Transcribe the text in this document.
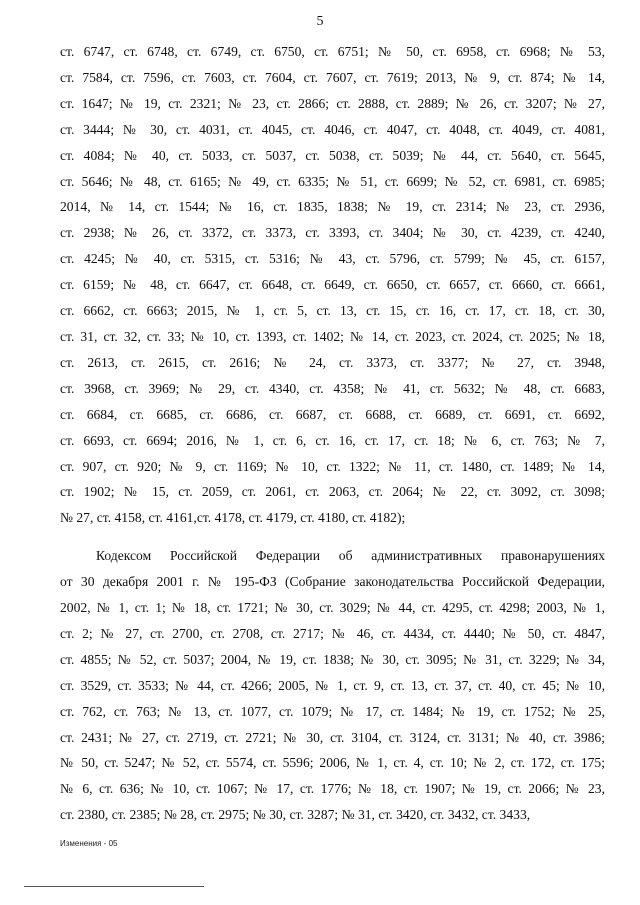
5
ст. 6747, ст. 6748, ст. 6749, ст. 6750, ст. 6751; № 50, ст. 6958, ст. 6968; № 53,
ст. 7584, ст. 7596, ст. 7603, ст. 7604, ст. 7607, ст. 7619; 2013, № 9, ст. 874; № 14,
ст. 1647; № 19, ст. 2321; № 23, ст. 2866; ст. 2888, ст. 2889; № 26, ст. 3207; № 27,
ст. 3444; № 30, ст. 4031, ст. 4045, ст. 4046, ст. 4047, ст. 4048, ст. 4049, ст. 4081,
ст. 4084; № 40, ст. 5033, ст. 5037, ст. 5038, ст. 5039; № 44, ст. 5640, ст. 5645,
ст. 5646; № 48, ст. 6165; № 49, ст. 6335; № 51, ст. 6699; № 52, ст. 6981, ст. 6985;
2014, № 14, ст. 1544; № 16, ст. 1835, 1838; № 19, ст. 2314; № 23, ст. 2936,
ст. 2938; № 26, ст. 3372, ст. 3373, ст. 3393, ст. 3404; № 30, ст. 4239, ст. 4240,
ст. 4245; № 40, ст. 5315, ст. 5316; № 43, ст. 5796, ст. 5799; № 45, ст. 6157,
ст. 6159; № 48, ст. 6647, ст. 6648, ст. 6649, ст. 6650, ст. 6657, ст. 6660, ст. 6661,
ст. 6662, ст. 6663; 2015, № 1, ст. 5, ст. 13, ст. 15, ст. 16, ст. 17, ст. 18, ст. 30,
ст. 31, ст. 32, ст. 33; № 10, ст. 1393, ст. 1402; № 14, ст. 2023, ст. 2024, ст. 2025; № 18,
ст. 2613, ст. 2615, ст. 2616; № 24, ст. 3373, ст. 3377; № 27, ст. 3948,
ст. 3968, ст. 3969; № 29, ст. 4340, ст. 4358; № 41, ст. 5632; № 48, ст. 6683,
ст. 6684, ст. 6685, ст. 6686, ст. 6687, ст. 6688, ст. 6689, ст. 6691, ст. 6692,
ст. 6693, ст. 6694; 2016, № 1, ст. 6, ст. 16, ст. 17, ст. 18; № 6, ст. 763; № 7,
ст. 907, ст. 920; № 9, ст. 1169; № 10, ст. 1322; № 11, ст. 1480, ст. 1489; № 14,
ст. 1902; № 15, ст. 2059, ст. 2061, ст. 2063, ст. 2064; № 22, ст. 3092, ст. 3098;
№ 27, ст. 4158, ст. 4161,ст. 4178, ст. 4179, ст. 4180, ст. 4182);
Кодексом Российской Федерации об административных правонарушениях
от 30 декабря 2001 г. № 195-ФЗ (Собрание законодательства Российской Федерации,
2002, № 1, ст. 1; № 18, ст. 1721; № 30, ст. 3029; № 44, ст. 4295, ст. 4298; 2003, № 1,
ст. 2; № 27, ст. 2700, ст. 2708, ст. 2717; № 46, ст. 4434, ст. 4440; № 50, ст. 4847,
ст. 4855; № 52, ст. 5037; 2004, № 19, ст. 1838; № 30, ст. 3095; № 31, ст. 3229; № 34,
ст. 3529, ст. 3533; № 44, ст. 4266; 2005, № 1, ст. 9, ст. 13, ст. 37, ст. 40, ст. 45; № 10,
ст. 762, ст. 763; № 13, ст. 1077, ст. 1079; № 17, ст. 1484; № 19, ст. 1752; № 25,
ст. 2431; № 27, ст. 2719, ст. 2721; № 30, ст. 3104, ст. 3124, ст. 3131; № 40, ст. 3986;
№ 50, ст. 5247; № 52, ст. 5574, ст. 5596; 2006, № 1, ст. 4, ст. 10; № 2, ст. 172, ст. 175;
№ 6, ст. 636; № 10, ст. 1067; № 17, ст. 1776; № 18, ст. 1907; № 19, ст. 2066; № 23,
ст. 2380, ст. 2385; № 28, ст. 2975; № 30, ст. 3287; № 31, ст. 3420, ст. 3432, ст. 3433,
Изменения - 05
